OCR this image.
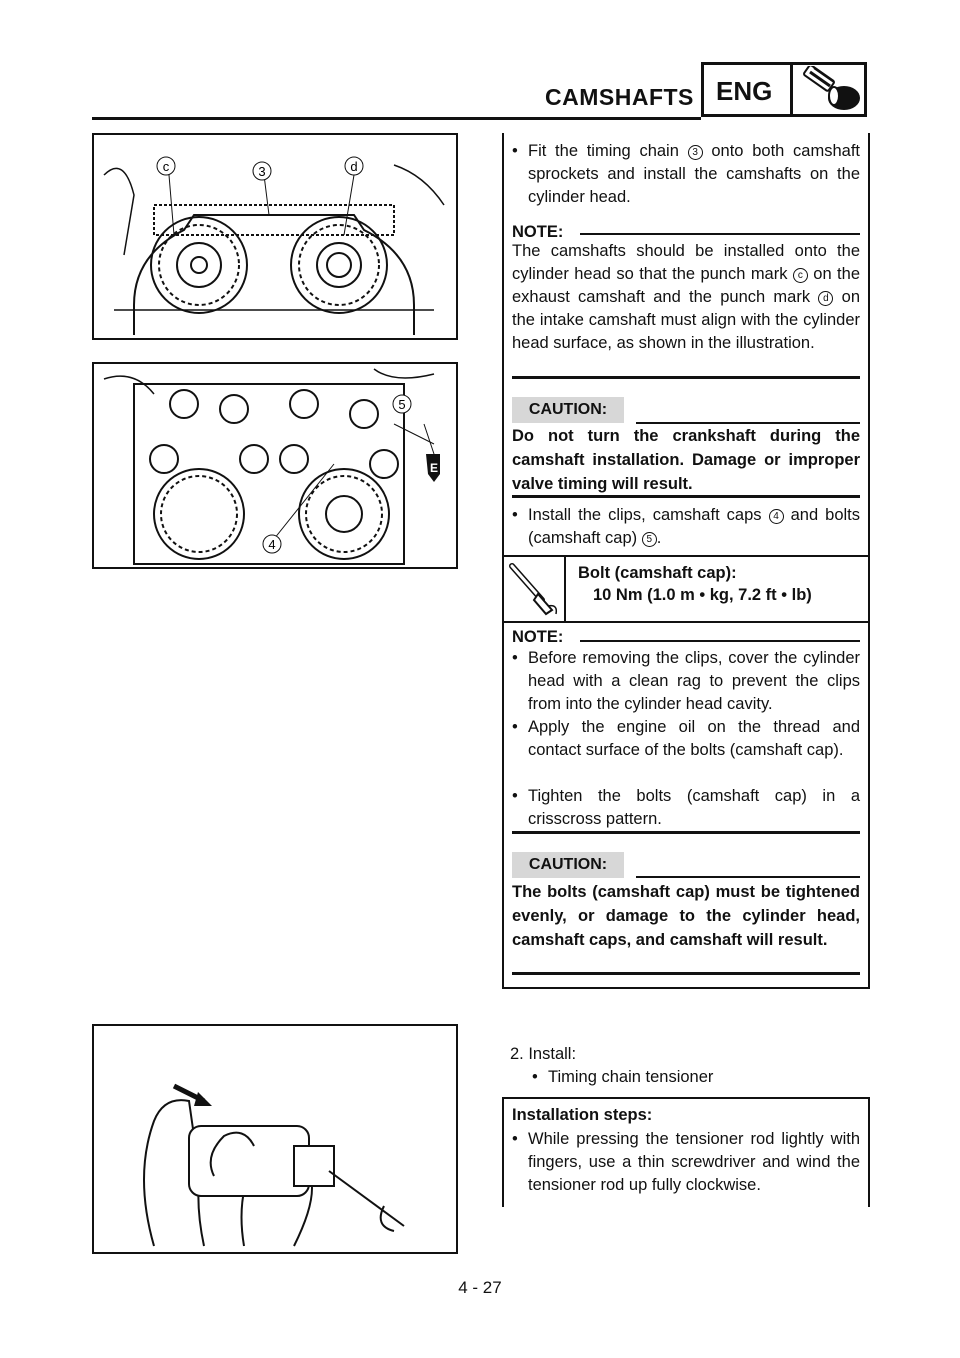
CAMSHAFTS ENG
c	3	d
5
E
4
• Fit the timing chain 3 onto both camshaft sprockets and install the camshafts on the cylinder head.
NOTE:
The camshafts should be installed onto the cylinder head so that the punch mark c on the exhaust camshaft and the punch mark d on the intake camshaft must align with the cylinder head surface, as shown in the illustration.
CAUTION:
Do not turn the crankshaft during the camshaft installation. Damage or improper valve timing will result.
• Install the clips, camshaft caps 4 and bolts (camshaft cap) 5 .
Bolt (camshaft cap):
10 Nm (1.0 m • kg, 7.2 ft • lb)
NOTE:
• Before removing the clips, cover the cylinder head with a clean rag to prevent the clips from into the cylinder head cavity.
• Apply the engine oil on the thread and contact surface of the bolts (camshaft cap).
• Tighten the bolts (camshaft cap) in a crisscross pattern.
CAUTION:
The bolts (camshaft cap) must be tightened evenly, or damage to the cylinder head, camshaft caps, and camshaft will result.
2. Install:
• Timing chain tensioner
Installation steps:
• While pressing the tensioner rod lightly with fingers, use a thin screwdriver and wind the tensioner rod up fully clockwise.
4 - 27
